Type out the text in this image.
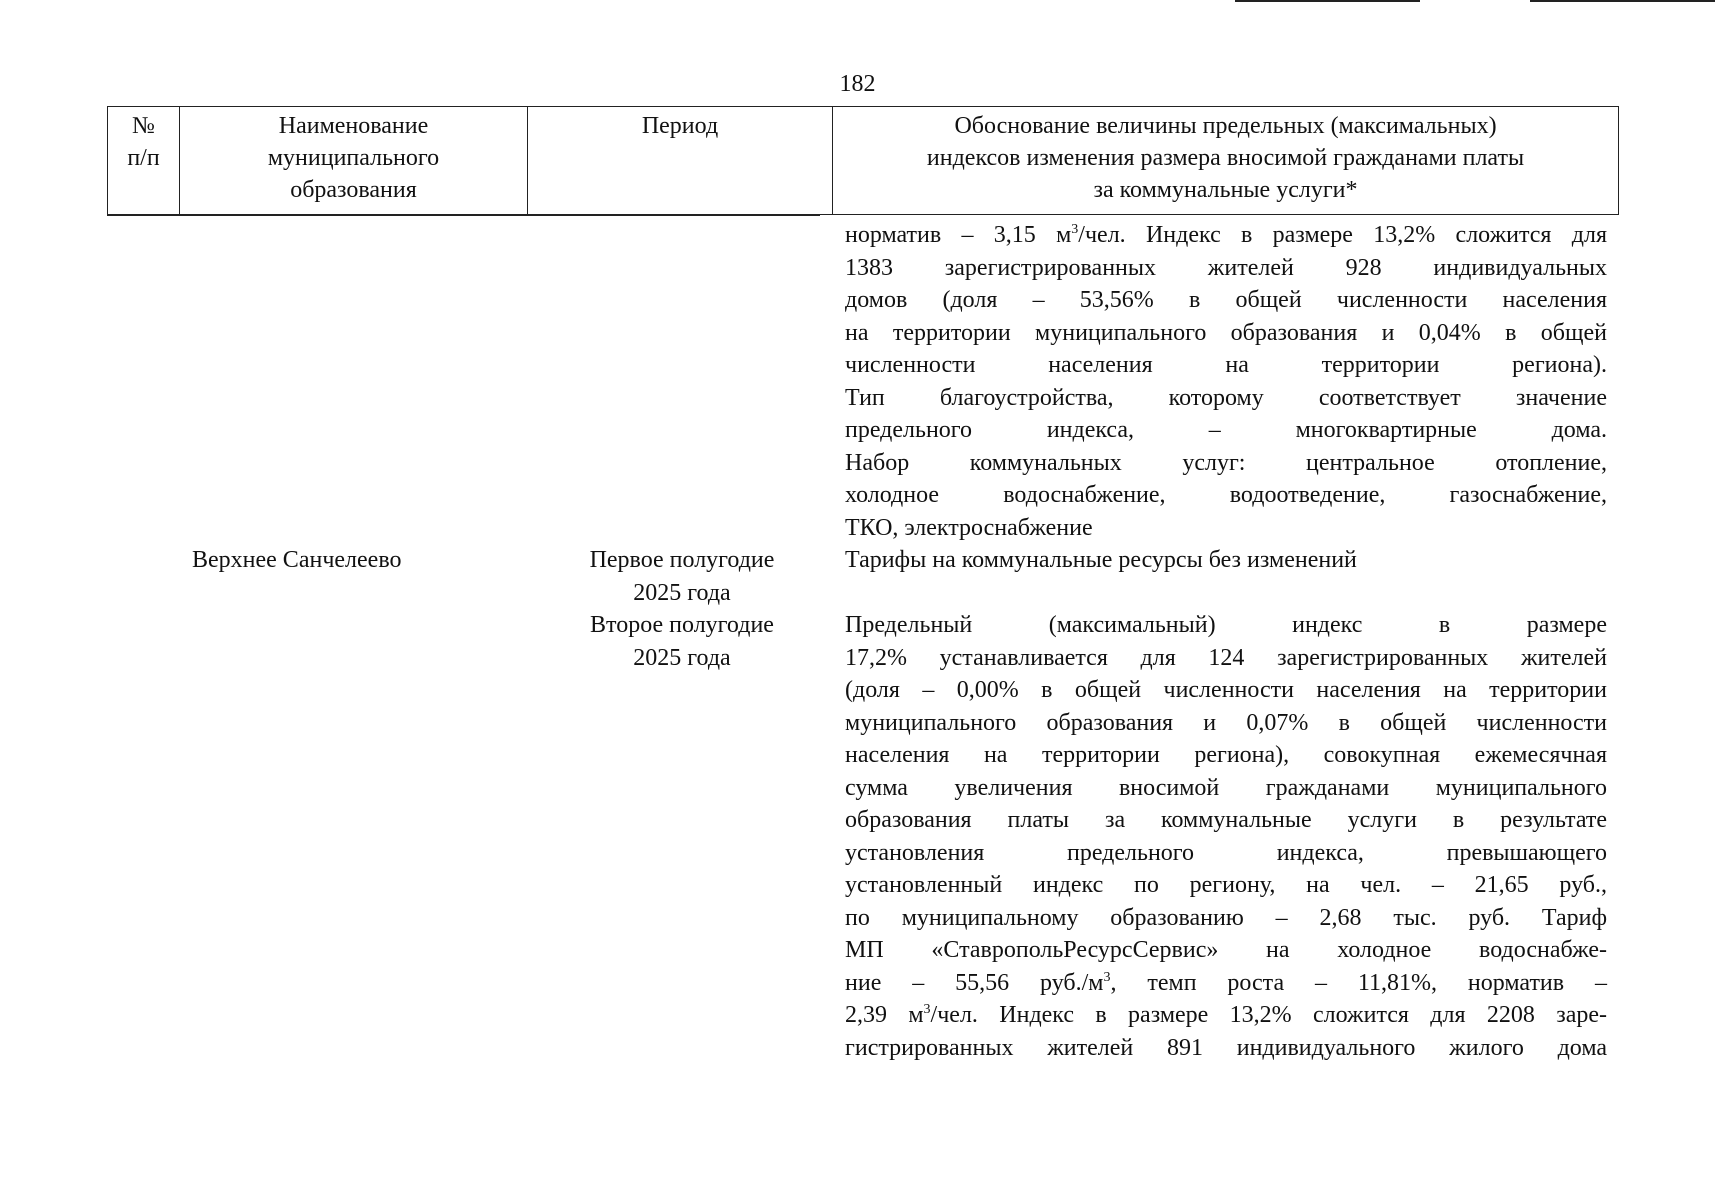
182
№
п/п
Наименование
муниципального
образования
Период	Обоснование величины предельных (максимальных)
индексов изменения размера вносимой гражданами платы
за коммунальные услуги*
норматив – 3,15 $м^3$/чел. Индекс в размере 13,2% сложится для
1383 зарегистрированных жителей 928 индивидуальных
домов (доля – 53,56% в общей численности населения
на территории муниципального образования и 0,04% в общей
численности населения на территории региона).
Тип благоустройства, которому соответствует значение
предельного индекса, – многоквартирные дома.
Набор коммунальных услуг: центральное отопление,
холодное водоснабжение, водоотведение, газоснабжение,
ТКО, электроснабжение
Верхнее Санчелеево	Первое полугодие
2025 года
Второе полугодие
2025 года
Тарифы на коммунальные ресурсы без изменений
Предельный (максимальный) индекс в размере
17,2% устанавливается для 124 зарегистрированных жителей
(доля – 0,00% в общей численности населения на территории
муниципального образования и 0,07% в общей численности
населения на территории региона), совокупная ежемесячная
сумма увеличения вносимой гражданами муниципального
образования платы за коммунальные услуги в результате
установления предельного индекса, превышающего
установленный индекс по региону, на чел. – 21,65 руб.,
по муниципальному образованию – 2,68 тыс. руб. Тариф
МП «СтавропольРесурсСервис» на холодное водоснабже-
ние – 55,56 $руб./м^3$, темп роста – 11,81%, норматив –
2,39 $м^3$/чел. Индекс в размере 13,2% сложится для 2208 заре-
гистрированных жителей 891 индивидуального жилого дома
